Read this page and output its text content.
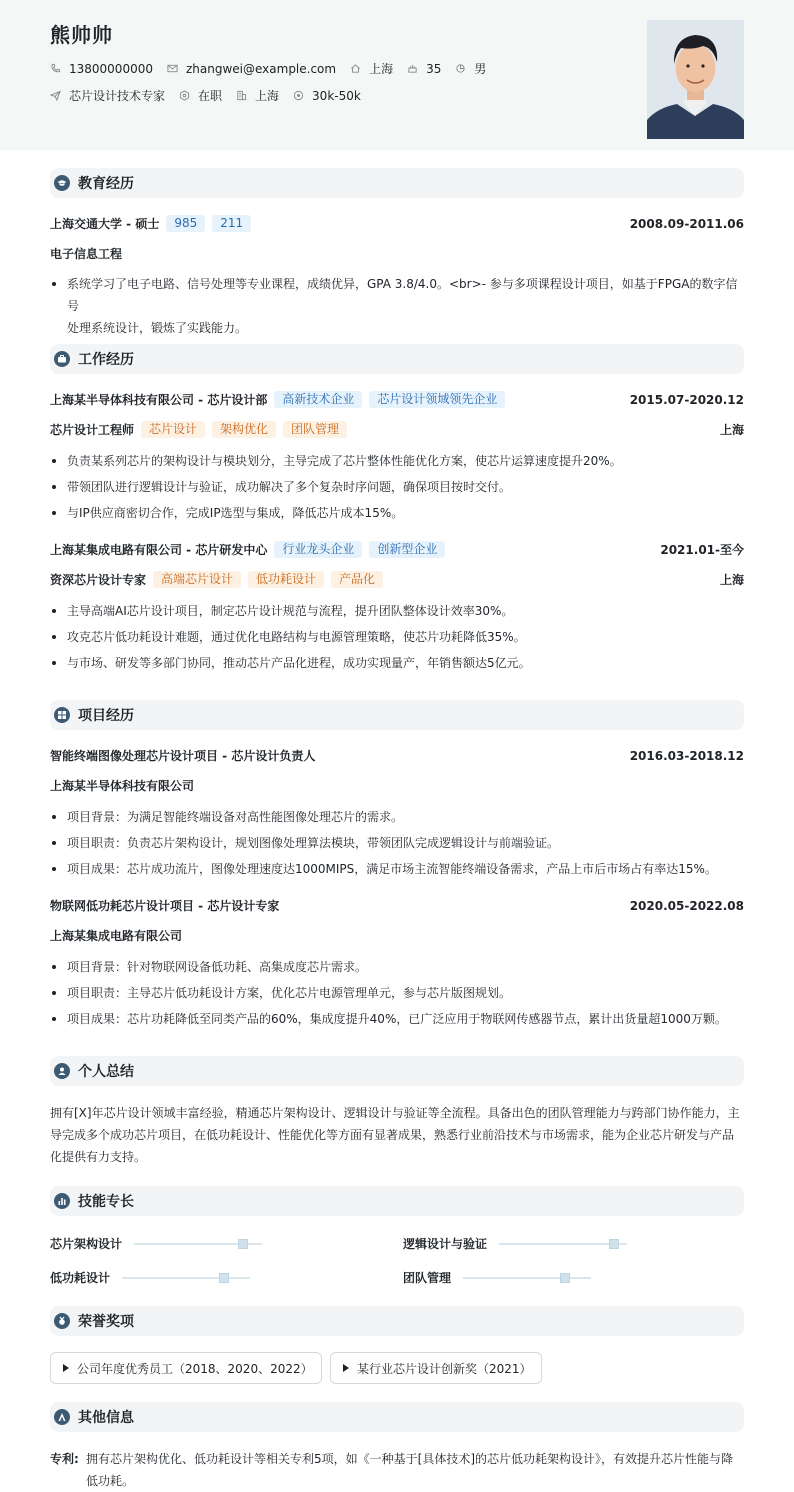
熊帅帅
13800000000	zhangwei@example.com	上海	35	男
芯片设计技术专家	在职	上海	30k-50k
教育经历
上海交通大学 - 硕士	985	211	2008.09-2011.06
电子信息工程
系统学习了电子电路、信号处理等专业课程，成绩优异，GPA 3.8/4.0。<br>- 参与多项课程设计项目，如基于FPGA的数字信号
处理系统设计，锻炼了实践能力。
工作经历
上海某半导体科技有限公司 - 芯片设计部	高新技术企业	芯片设计领域领先企业	2015.07-2020.12
芯片设计工程师	芯片设计	架构优化	团队管理	上海
负责某系列芯片的架构设计与模块划分，主导完成了芯片整体性能优化方案，使芯片运算速度提升20%。
带领团队进行逻辑设计与验证，成功解决了多个复杂时序问题，确保项目按时交付。
与IP供应商密切合作，完成IP选型与集成，降低芯片成本15%。
上海某集成电路有限公司 - 芯片研发中心	行业龙头企业	创新型企业	2021.01-至今
资深芯片设计专家	高端芯片设计	低功耗设计	产品化	上海
主导高端AI芯片设计项目，制定芯片设计规范与流程，提升团队整体设计效率30%。
攻克芯片低功耗设计难题，通过优化电路结构与电源管理策略，使芯片功耗降低35%。
与市场、研发等多部门协同，推动芯片产品化进程，成功实现量产，年销售额达5亿元。
项目经历
智能终端图像处理芯片设计项目 - 芯片设计负责人	2016.03-2018.12
上海某半导体科技有限公司
项目背景：为满足智能终端设备对高性能图像处理芯片的需求。
项目职责：负责芯片架构设计，规划图像处理算法模块，带领团队完成逻辑设计与前端验证。
项目成果：芯片成功流片，图像处理速度达1000MIPS，满足市场主流智能终端设备需求，产品上市后市场占有率达15%。
物联网低功耗芯片设计项目 - 芯片设计专家	2020.05-2022.08
上海某集成电路有限公司
项目背景：针对物联网设备低功耗、高集成度芯片需求。
项目职责：主导芯片低功耗设计方案，优化芯片电源管理单元，参与芯片版图规划。
项目成果：芯片功耗降低至同类产品的60%，集成度提升40%，已广泛应用于物联网传感器节点，累计出货量超1000万颗。
个人总结
拥有[X]年芯片设计领域丰富经验，精通芯片架构设计、逻辑设计与验证等全流程。具备出色的团队管理能力与跨部门协作能力，主
导完成多个成功芯片项目，在低功耗设计、性能优化等方面有显著成果，熟悉行业前沿技术与市场需求，能为企业芯片研发与产品
化提供有力支持。
技能专长
芯片架构设计	逻辑设计与验证
低功耗设计	团队管理
荣誉奖项
公司年度优秀员工（2018、2020、2022）	某行业芯片设计创新奖（2021）
其他信息
专利: 拥有芯片架构优化、低功耗设计等相关专利5项，如《一种基于[具体技术]的芯片低功耗架构设计》，有效提升芯片性能与降
低功耗。
